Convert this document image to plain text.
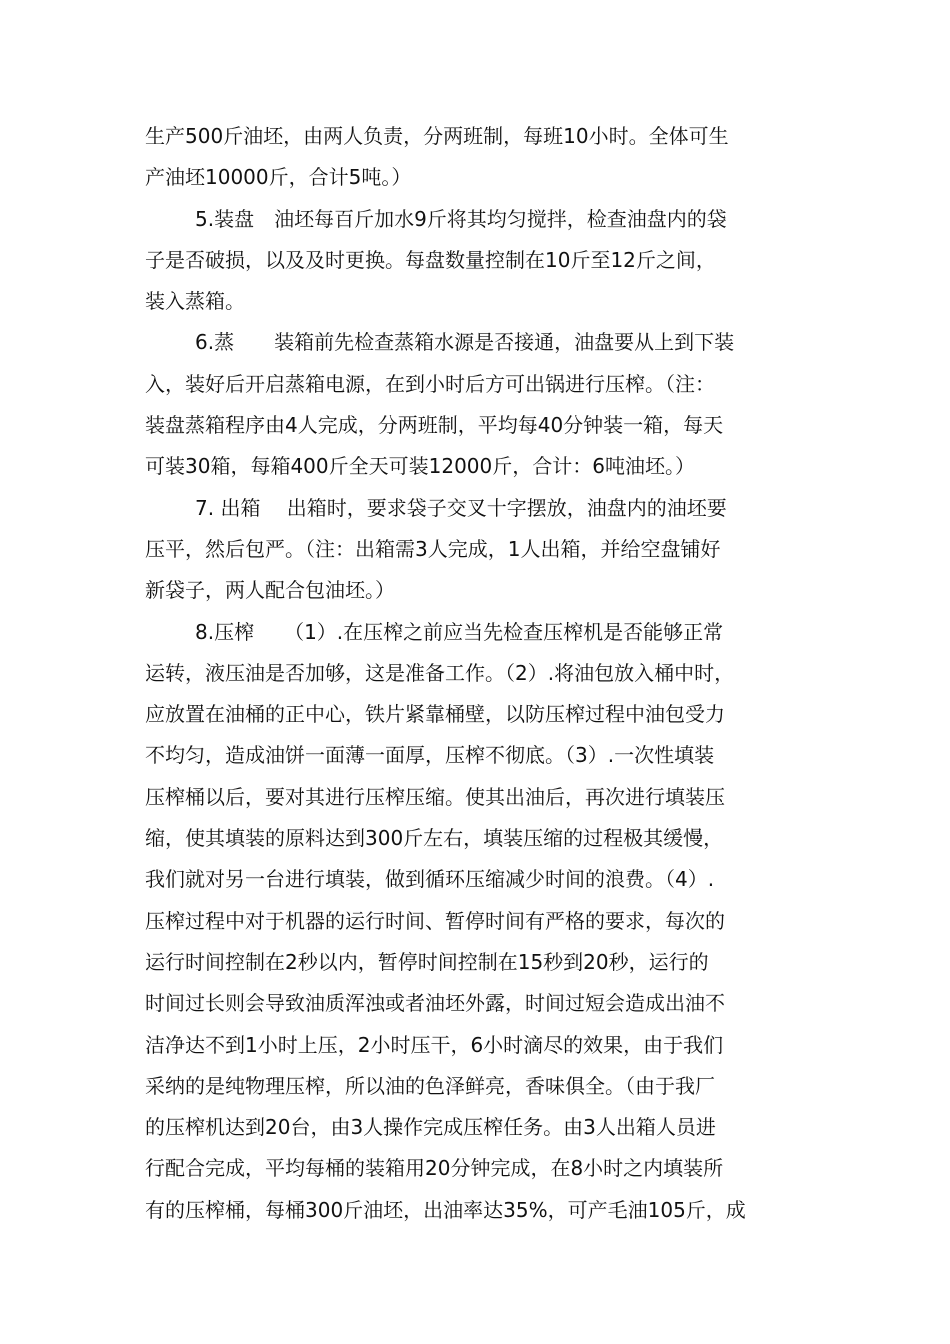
生产500斤油坯，由两人负责，分两班制，每班10小时。全体可生
产油坯10000斤，合计5吨。）
5.装盘　油坯每百斤加水9斤将其均匀搅拌，检查油盘内的袋
子是否破损，以及及时更换。每盘数量控制在10斤至12斤之间，
装入蒸箱。
6.蒸　　装箱前先检查蒸箱水源是否接通，油盘要从上到下装
入，装好后开启蒸箱电源，在到小时后方可出锅进行压榨。（注：
装盘蒸箱程序由4人完成，分两班制，平均每40分钟装一箱，每天
可装30箱，每箱400斤全天可装12000斤，合计：6吨油坯。）
7. 出箱　 出箱时，要求袋子交叉十字摆放，油盘内的油坯要
压平，然后包严。（注：出箱需3人完成，1人出箱，并给空盘铺好
新袋子，两人配合包油坯。）
8.压榨　　（1）.在压榨之前应当先检查压榨机是否能够正常
运转，液压油是否加够，这是准备工作。（2）.将油包放入桶中时，
应放置在油桶的正中心，铁片紧靠桶壁，以防压榨过程中油包受力
不均匀，造成油饼一面薄一面厚，压榨不彻底。（3）.一次性填装
压榨桶以后，要对其进行压榨压缩。使其出油后，再次进行填装压
缩，使其填装的原料达到300斤左右，填装压缩的过程极其缓慢，
我们就对另一台进行填装，做到循环压缩减少时间的浪费。（4）.
压榨过程中对于机器的运行时间、暂停时间有严格的要求，每次的
运行时间控制在2秒以内，暂停时间控制在15秒到20秒，运行的
时间过长则会导致油质浑浊或者油坯外露，时间过短会造成出油不
洁净达不到1小时上压，2小时压干，6小时滴尽的效果，由于我们
采纳的是纯物理压榨，所以油的色泽鲜亮，香味俱全。（由于我厂
的压榨机达到20台，由3人操作完成压榨任务。由3人出箱人员进
行配合完成，平均每桶的装箱用20分钟完成，在8小时之内填装所
有的压榨桶，每桶300斤油坯，出油率达35%，可产毛油105斤，成
